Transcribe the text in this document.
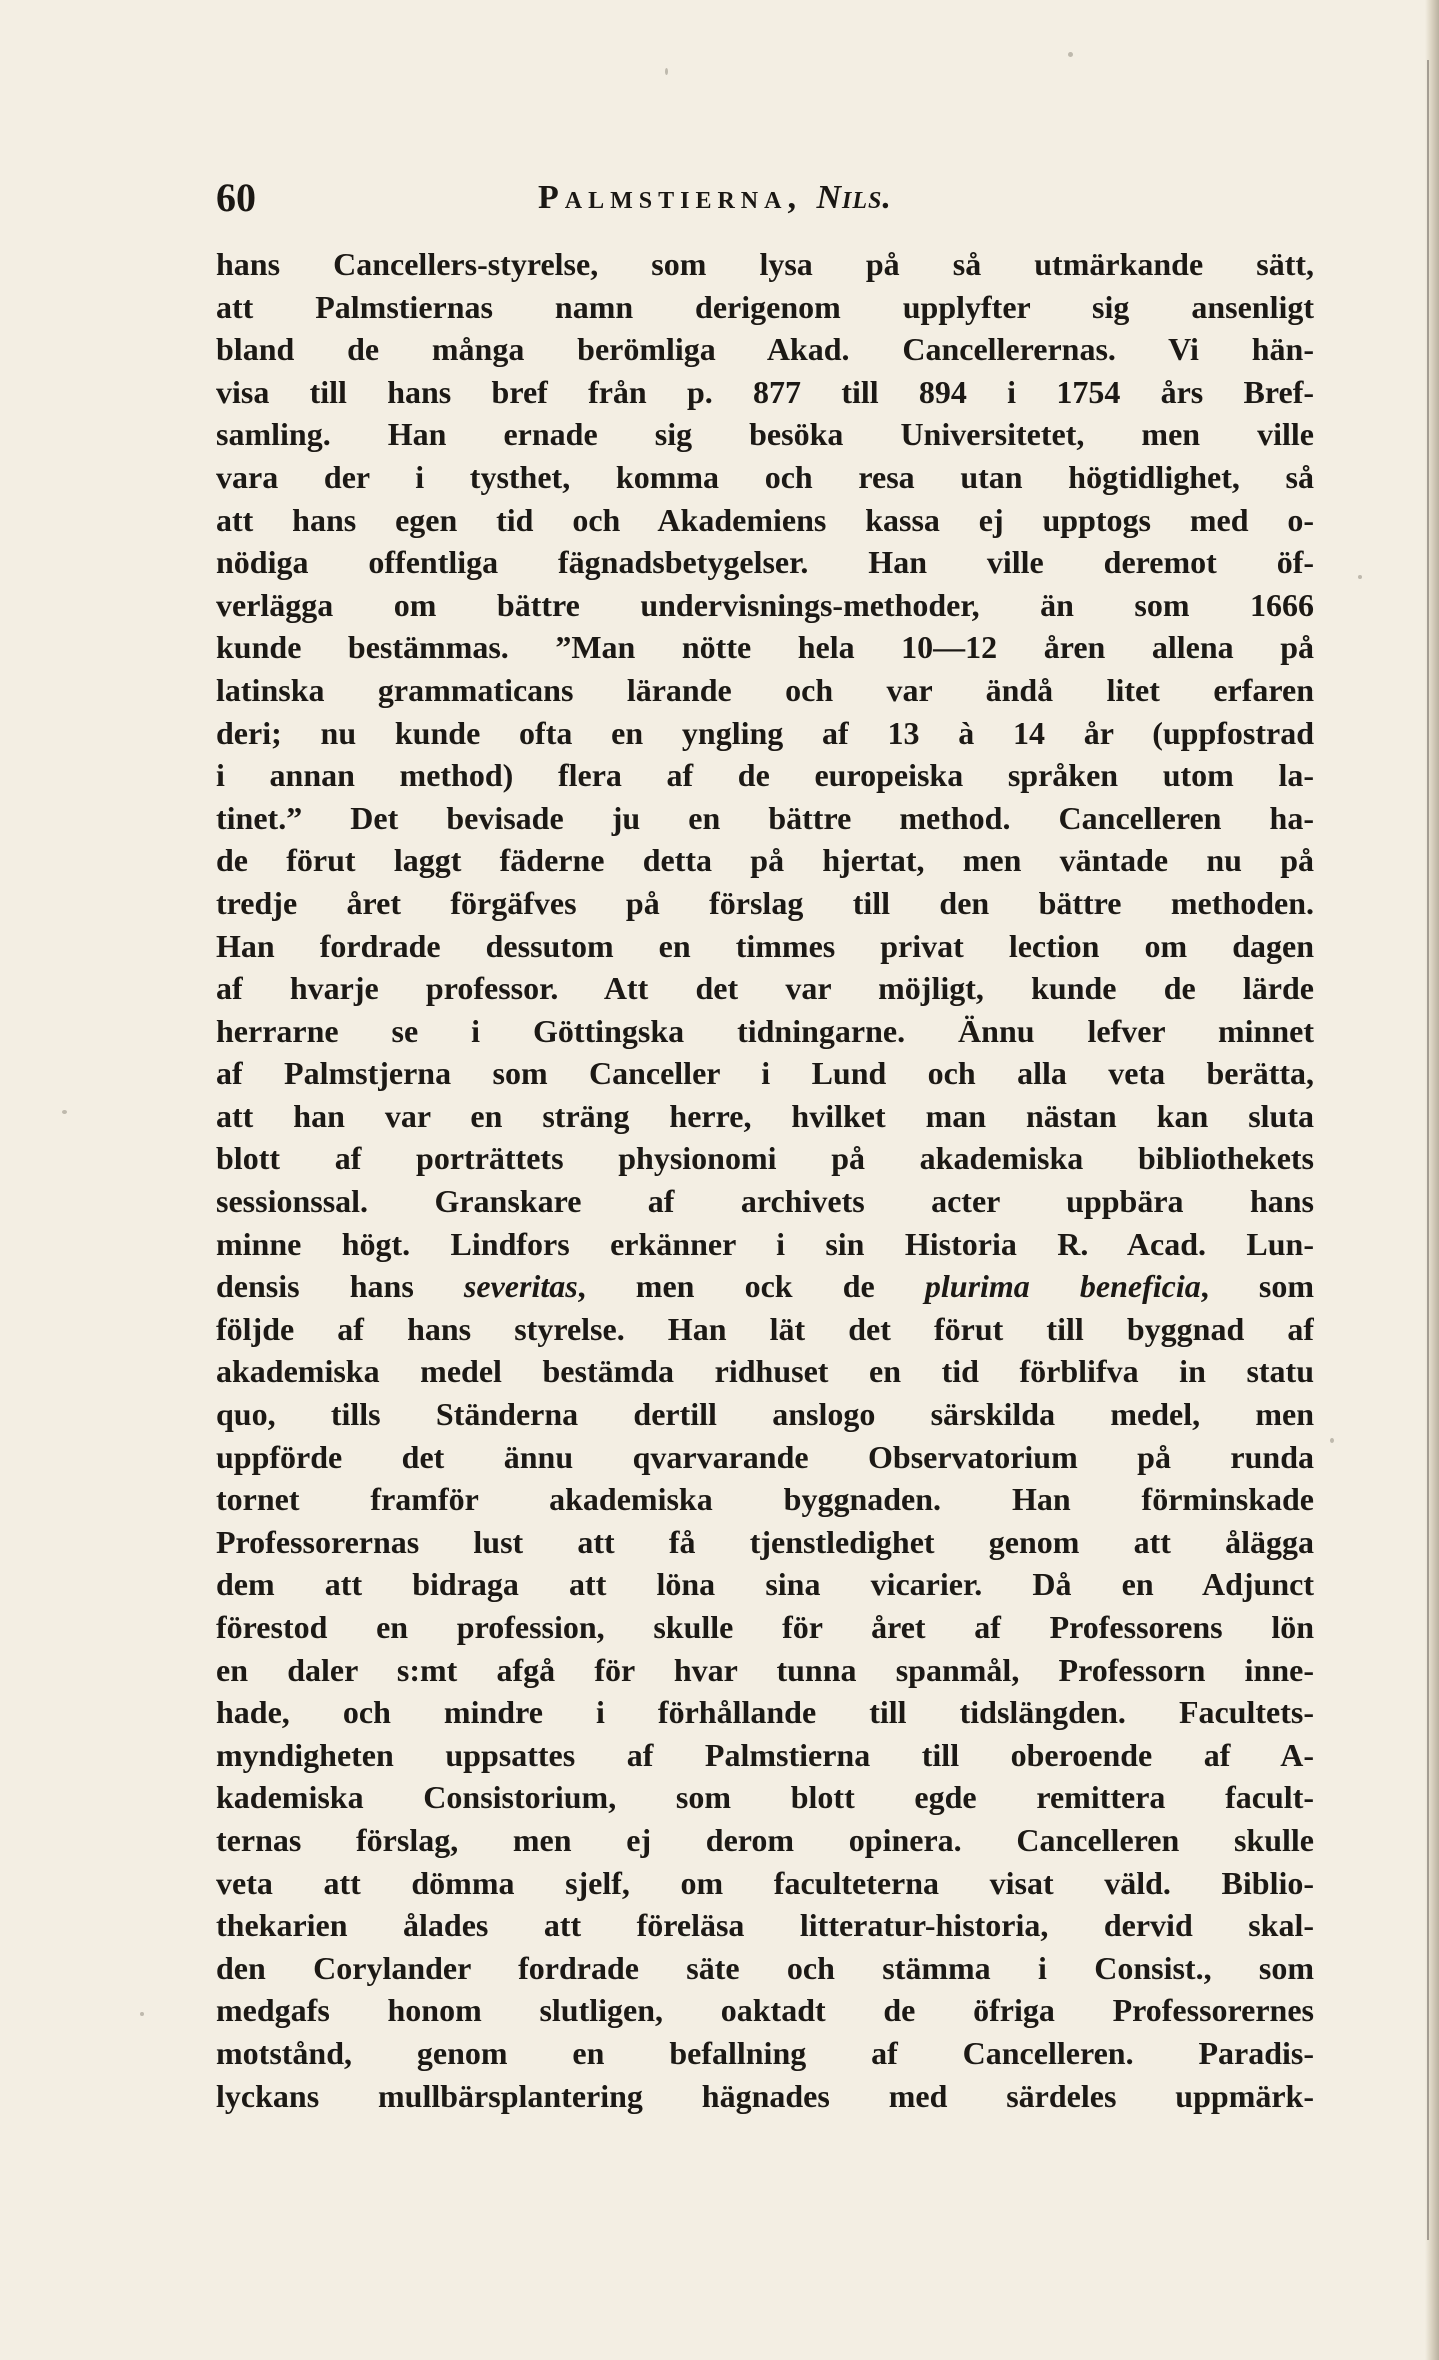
60	Palmstierna, Nils.
hans Cancellers-styrelse, som lysa på så utmärkande sätt,
att Palmstiernas namn derigenom upplyfter sig ansenligt
bland de många berömliga Akad. Cancellerernas. Vi hän-
visa till hans bref från p. 877 till 894 i 1754 års Bref-
samling. Han ernade sig besöka Universitetet, men ville
vara der i tysthet, komma och resa utan högtidlighet, så
att hans egen tid och Akademiens kassa ej upptogs med o-
nödiga offentliga fägnadsbetygelser. Han ville deremot öf-
verlägga om bättre undervisnings-methoder, än som 1666
kunde bestämmas. ”Man nötte hela 10—12 åren allena på
latinska grammaticans lärande och var ändå litet erfaren
deri; nu kunde ofta en yngling af 13 à 14 år (uppfostrad
i annan method) flera af de europeiska språken utom la-
tinet.” Det bevisade ju en bättre method. Cancelleren ha-
de förut laggt fäderne detta på hjertat, men väntade nu på
tredje året förgäfves på förslag till den bättre methoden.
Han fordrade dessutom en timmes privat lection om dagen
af hvarje professor. Att det var möjligt, kunde de lärde
herrarne se i Göttingska tidningarne. Ännu lefver minnet
af Palmstjerna som Canceller i Lund och alla veta berätta,
att han var en sträng herre, hvilket man nästan kan sluta
blott af porträttets physionomi på akademiska bibliothekets
sessionssal. Granskare af archivets acter uppbära hans
minne högt. Lindfors erkänner i sin Historia R. Acad. Lun-
densis hans severitas, men ock de plurima beneficia, som
följde af hans styrelse. Han lät det förut till byggnad af
akademiska medel bestämda ridhuset en tid förblifva in statu
quo, tills Ständerna dertill anslogo särskilda medel, men
uppförde det ännu qvarvarande Observatorium på runda
tornet framför akademiska byggnaden. Han förminskade
Professorernas lust att få tjenstledighet genom att ålägga
dem att bidraga att löna sina vicarier. Då en Adjunct
förestod en profession, skulle för året af Professorens lön
en daler s:mt afgå för hvar tunna spanmål, Professorn inne-
hade, och mindre i förhållande till tidslängden. Facultets-
myndigheten uppsattes af Palmstierna till oberoende af A-
kademiska Consistorium, som blott egde remittera facult-
ternas förslag, men ej derom opinera. Cancelleren skulle
veta att dömma sjelf, om faculteterna visat väld. Biblio-
thekarien ålades att föreläsa litteratur-historia, dervid skal-
den Corylander fordrade säte och stämma i Consist., som
medgafs honom slutligen, oaktadt de öfriga Professorernes
motstånd, genom en befallning af Cancelleren. Paradis-
lyckans mullbärsplantering hägnades med särdeles uppmärk-
